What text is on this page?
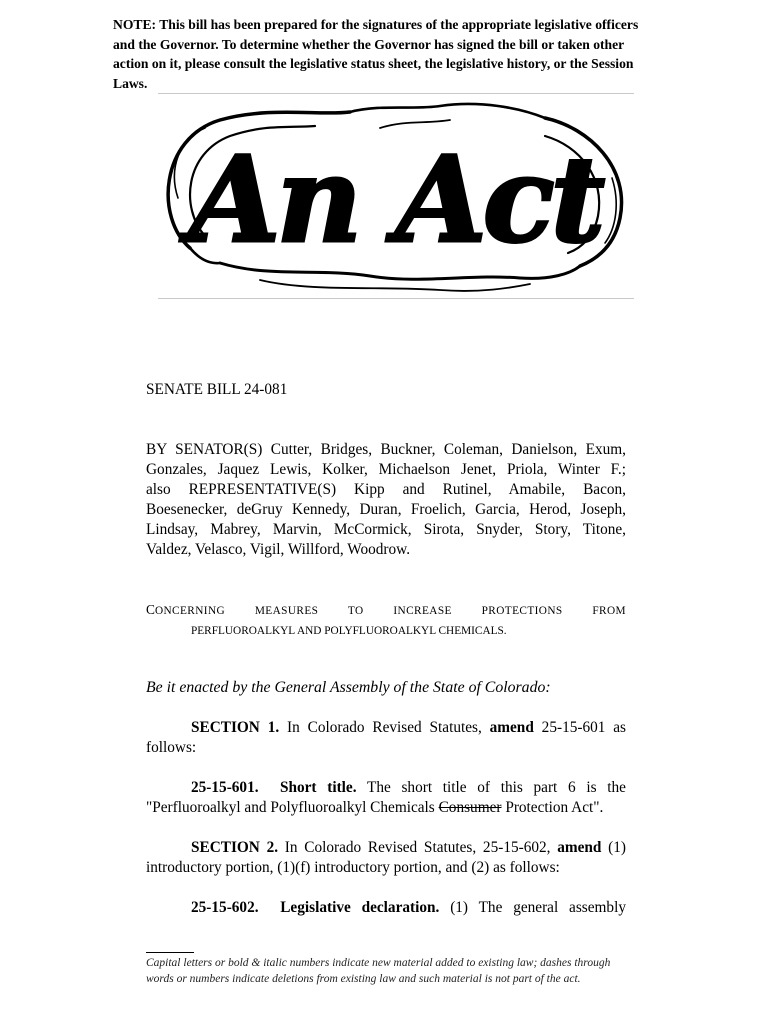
NOTE: This bill has been prepared for the signatures of the appropriate legislative officers and the Governor. To determine whether the Governor has signed the bill or taken other action on it, please consult the legislative status sheet, the legislative history, or the Session Laws.
An Act
SENATE BILL 24-081

BY SENATOR(S) Cutter, Bridges, Buckner, Coleman, Danielson, Exum,

Gonzales, Jaquez Lewis, Kolker, Michaelson Jenet, Priola, Winter F.;

also REPRESENTATIVE(S) Kipp and Rutinel, Amabile, Bacon,

Boesenecker, deGruy Kennedy, Duran, Froelich, Garcia, Herod, Joseph,

Lindsay, Mabrey, Marvin, McCormick, Sirota, Snyder, Story, Titone,

Valdez, Velasco, Vigil, Willford, Woodrow.

CONCERNING MEASURES TO INCREASE PROTECTIONS FROM
PERFLUOROALKYL AND POLYFLUOROALKYL CHEMICALS.
Be it enacted by the General Assembly of the State of Colorado:
SECTION 1. In Colorado Revised Statutes, amend 25-15-601 as
follows:
25-15-601. Short title. The short title of this part 6 is the
"Perfluoroalkyl and Polyfluoroalkyl Chemicals Consumer Protection Act".
SECTION 2. In Colorado Revised Statutes, 25-15-602, amend (1)
introductory portion, (1)(f) introductory portion, and (2) as follows:
25-15-602. Legislative declaration. (1) The general assembly
Capital letters or bold & italic numbers indicate new material added to existing law; dashes through words or numbers indicate deletions from existing law and such material is not part of the act.
